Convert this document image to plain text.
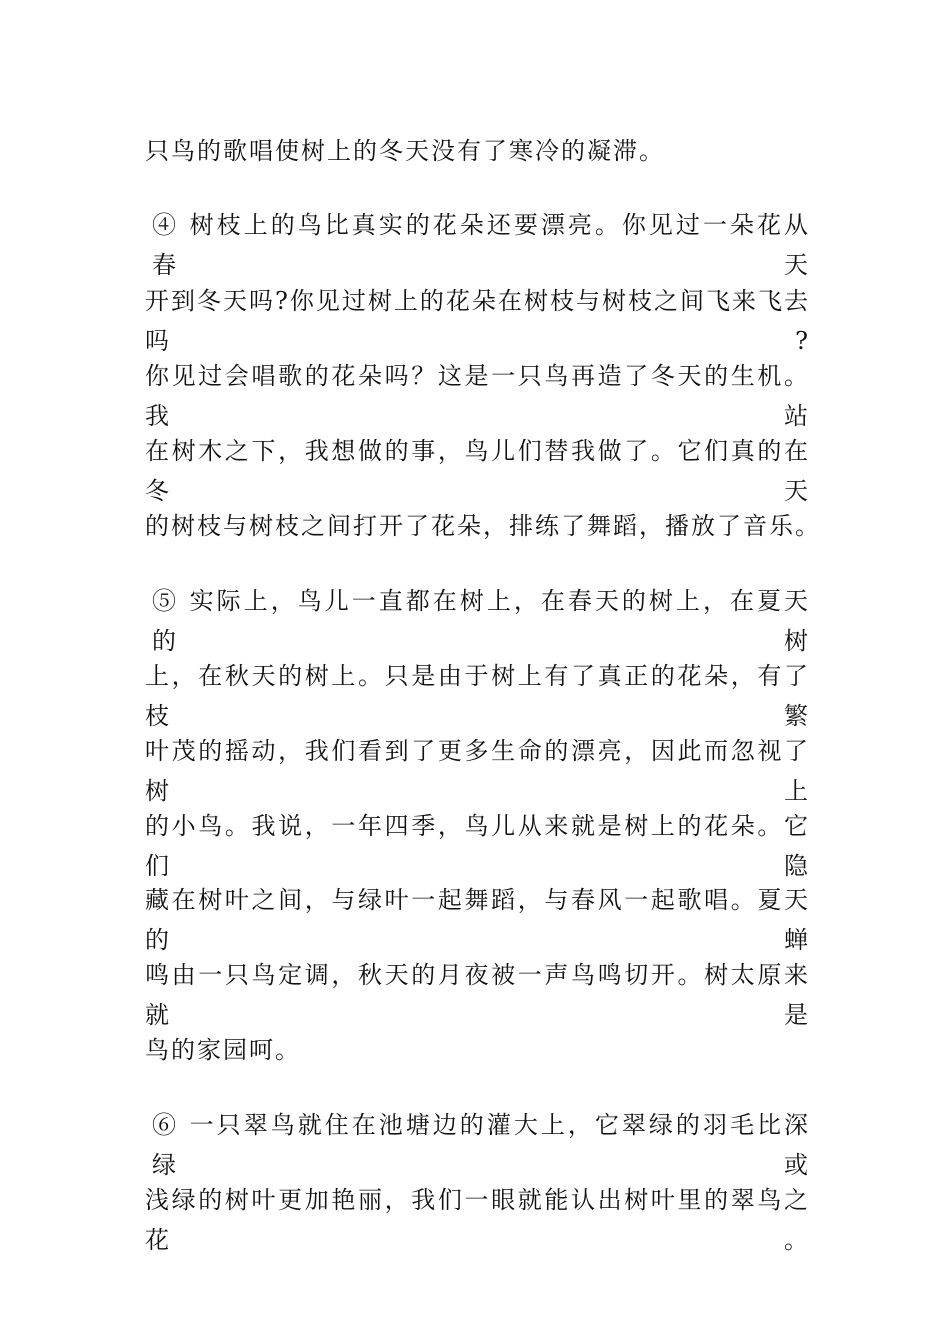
只鸟的歌唱使树上的冬天没有了寒冷的凝滞。
④ 树枝上的鸟比真实的花朵还要漂亮。你见过一朵花从春天
开到冬天吗?你见过树上的花朵在树枝与树枝之间飞来飞去吗?
你见过会唱歌的花朵吗？这是一只鸟再造了冬天的生机。我站
在树木之下，我想做的事，鸟儿们替我做了。它们真的在冬天
的树枝与树枝之间打开了花朵，排练了舞蹈，播放了音乐。
⑤ 实际上，鸟儿一直都在树上，在春天的树上，在夏天的树
上，在秋天的树上。只是由于树上有了真正的花朵，有了枝繁
叶茂的摇动，我们看到了更多生命的漂亮，因此而忽视了树上
的小鸟。我说，一年四季，鸟儿从来就是树上的花朵。它们隐
藏在树叶之间，与绿叶一起舞蹈，与春风一起歌唱。夏天的蝉
鸣由一只鸟定调，秋天的月夜被一声鸟鸣切开。树太原来就是
鸟的家园呵。
⑥ 一只翠鸟就住在池塘边的灌大上，它翠绿的羽毛比深绿或
浅绿的树叶更加艳丽，我们一眼就能认出树叶里的翠鸟之花。
